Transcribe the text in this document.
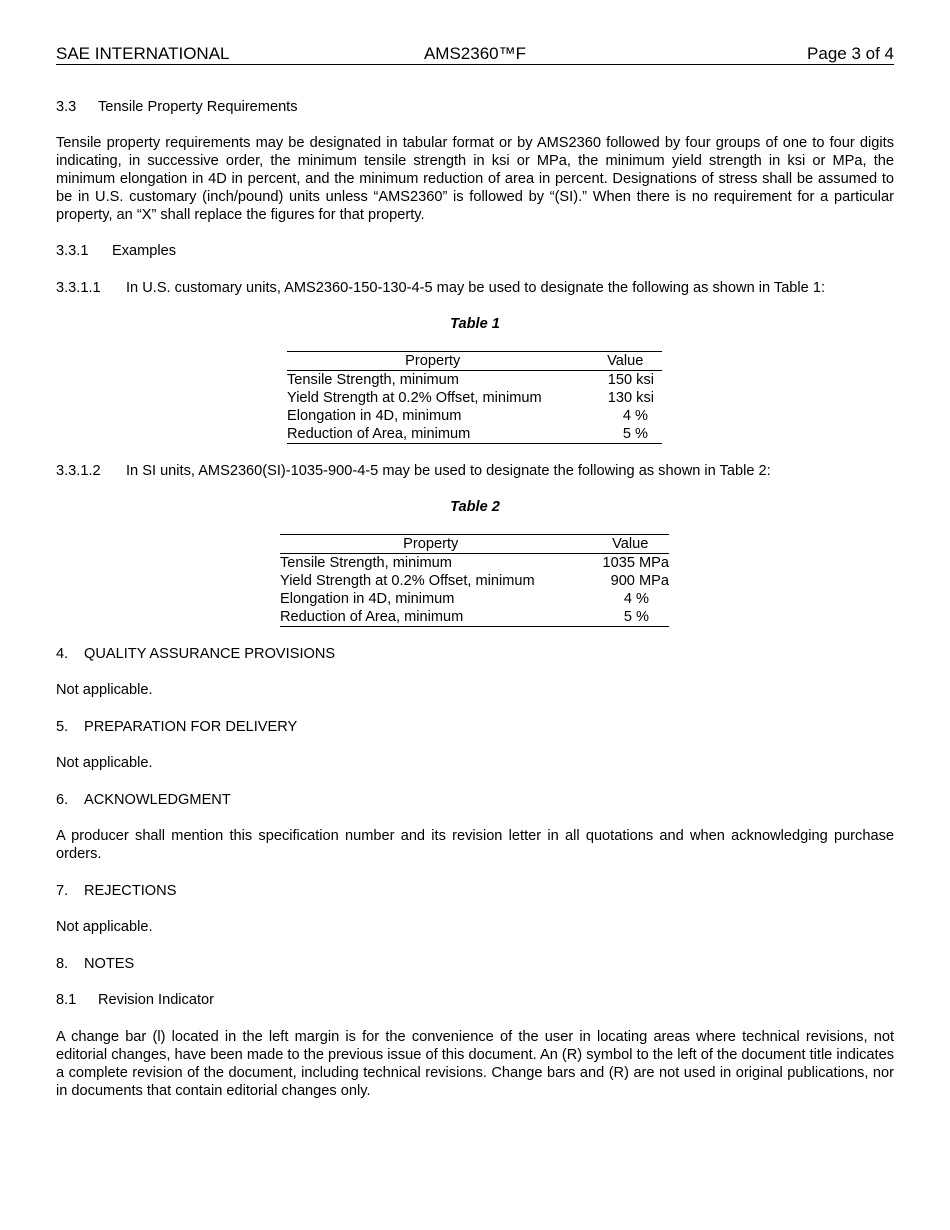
SAE INTERNATIONAL	AMS2360™F	Page 3 of 4
3.3 Tensile Property Requirements
Tensile property requirements may be designated in tabular format or by AMS2360 followed by four groups of one to four digits indicating, in successive order, the minimum tensile strength in ksi or MPa, the minimum yield strength in ksi or MPa, the minimum elongation in 4D in percent, and the minimum reduction of area in percent. Designations of stress shall be assumed to be in U.S. customary (inch/pound) units unless “AMS2360” is followed by “(SI).” When there is no requirement for a particular property, an “X” shall replace the figures for that property.
3.3.1 Examples
3.3.1.1 In U.S. customary units, AMS2360-150-130-4-5 may be used to designate the following as shown in Table 1:
Table 1
Property	Value
Tensile Strength, minimum	150 ksi
Yield Strength at 0.2% Offset, minimum	130 ksi
Elongation in 4D, minimum	4 %
Reduction of Area, minimum	5 %
3.3.1.2 In SI units, AMS2360(SI)-1035-900-4-5 may be used to designate the following as shown in Table 2:
Table 2
Property	Value
Tensile Strength, minimum	1035 MPa
Yield Strength at 0.2% Offset, minimum	900 MPa
Elongation in 4D, minimum	4 %
Reduction of Area, minimum	5 %
4. QUALITY ASSURANCE PROVISIONS
Not applicable.
5. PREPARATION FOR DELIVERY
Not applicable.
6. ACKNOWLEDGMENT
A producer shall mention this specification number and its revision letter in all quotations and when acknowledging purchase orders.
7. REJECTIONS
Not applicable.
8. NOTES
8.1 Revision Indicator
A change bar (l) located in the left margin is for the convenience of the user in locating areas where technical revisions, not editorial changes, have been made to the previous issue of this document. An (R) symbol to the left of the document title indicates a complete revision of the document, including technical revisions. Change bars and (R) are not used in original publications, nor in documents that contain editorial changes only.
